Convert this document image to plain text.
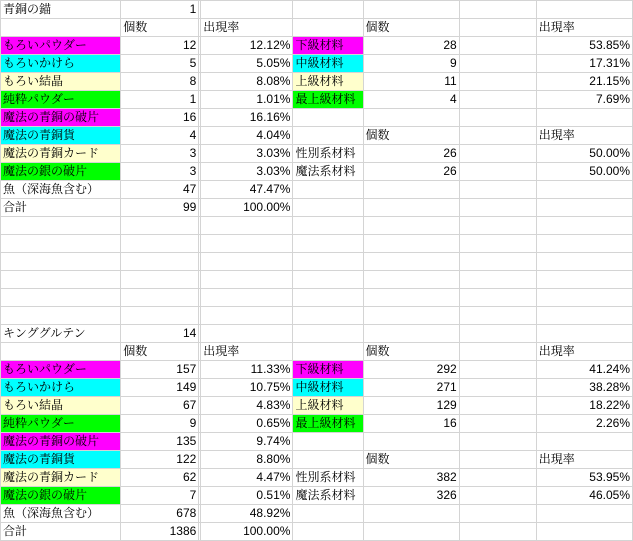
青銅の錨	1						
	個数		出現率		個数		出現率
もろいパウダー	12		12.12%	下級材料	28		53.85%
もろいかけら	5		5.05%	中級材料	9		17.31%
もろい結晶	8		8.08%	上級材料	11		21.15%
純粋パウダー	1		1.01%	最上級材料	4		7.69%
魔法の青銅の破片	16		16.16%				
魔法の青銅貨	4		4.04%		個数		出現率
魔法の青銅カード	3		3.03%	性別系材料	26		50.00%
魔法の銀の破片	3		3.03%	魔法系材料	26		50.00%
魚（深海魚含む）	47		47.47%				
合計	99		100.00%				

キンググルテン	14						
	個数		出現率		個数		出現率
もろいパウダー	157		11.33%	下級材料	292		41.24%
もろいかけら	149		10.75%	中級材料	271		38.28%
もろい結晶	67		4.83%	上級材料	129		18.22%
純粋パウダー	9		0.65%	最上級材料	16		2.26%
魔法の青銅の破片	135		9.74%				
魔法の青銅貨	122		8.80%		個数		出現率
魔法の青銅カード	62		4.47%	性別系材料	382		53.95%
魔法の銀の破片	7		0.51%	魔法系材料	326		46.05%
魚（深海魚含む）	678		48.92%				
合計	1386		100.00%				
